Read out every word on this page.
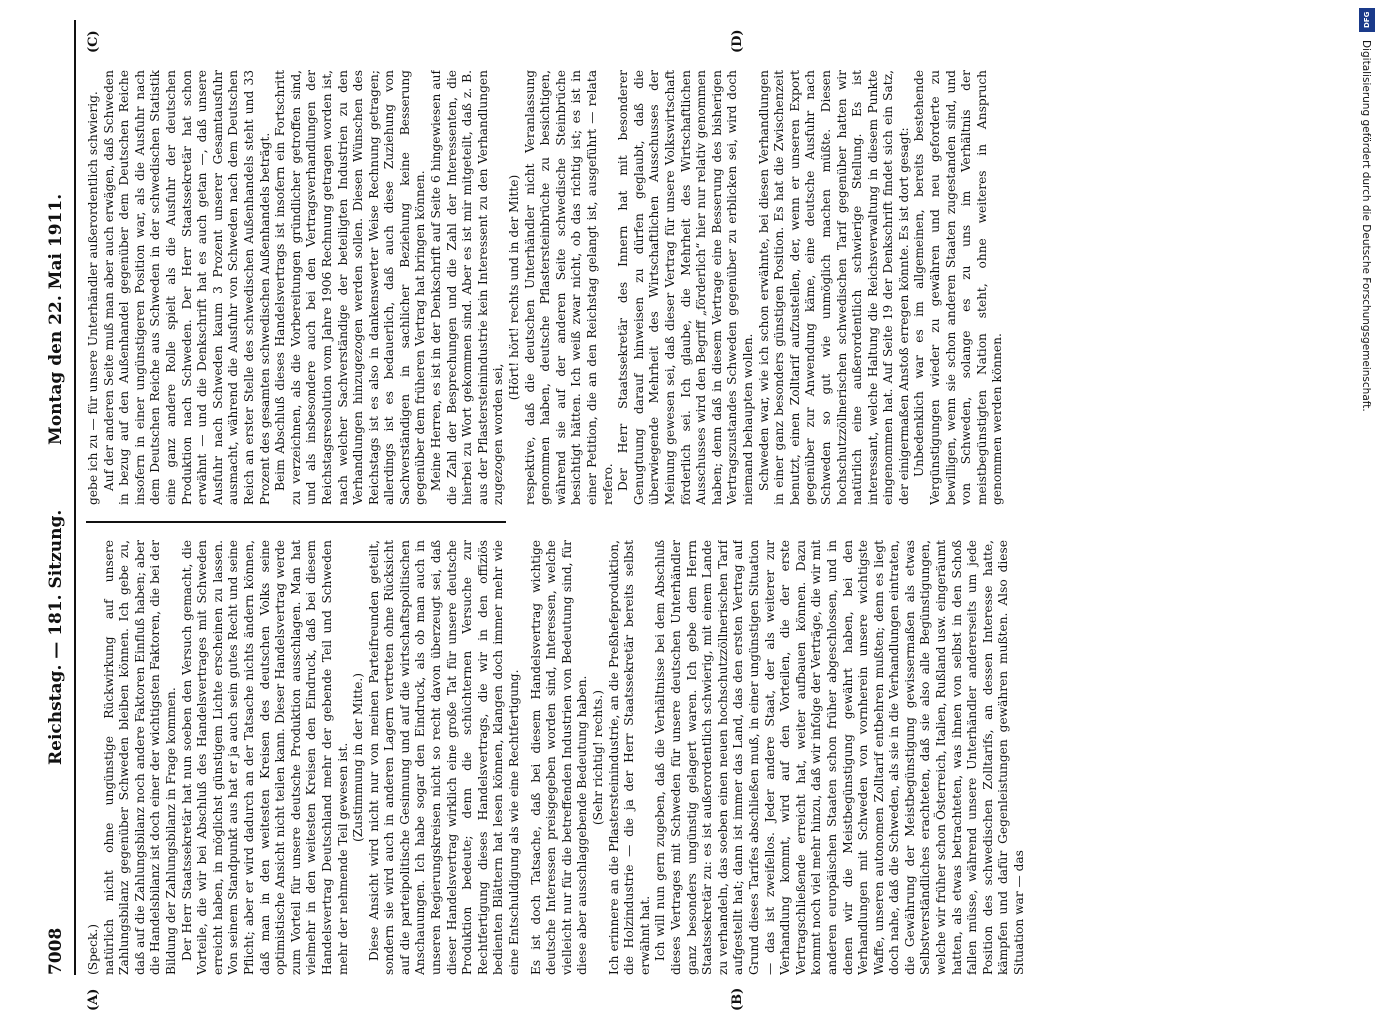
7008
Reichstag. — 181. Sitzung.
Montag den 22. Mai 1911.
(A)	(B)
(C)	(D)

(Speck.) natürlich nicht ohne ungünstige Rückwirkung auf unsere Zahlungsbilanz gegenüber Schweden bleiben können. Ich gebe zu, daß auf die Zahlungsbilanz noch andere Faktoren Einfluß haben; aber die Handelsbilanz ist doch einer der wichtigsten Faktoren, die bei der Bildung der Zahlungsbilanz in Frage kommen. Der Herr Staatssekretär hat nun soeben den Versuch gemacht, die Vorteile, die wir bei Abschluß des Handelsvertrages mit Schweden erreicht haben, in möglichst günstigem Lichte erscheinen zu lassen. Von seinem Standpunkt aus hat er ja auch sein gutes Recht und seine Pflicht; aber er wird dadurch an der Tatsache nichts ändern können, daß man in den weitesten Kreisen des deutschen Volks seine optimistische Ansicht nicht teilen kann. Dieser Handelsvertrag werde zum Vorteil für unsere deutsche Produktion ausschlagen. Man hat vielmehr in den weitesten Kreisen den Eindruck, daß bei diesem Handelsvertrag Deutschland mehr der gebende Teil und Schweden mehr der nehmende Teil gewesen ist. (Zustimmung in der Mitte.) Diese Ansicht wird nicht nur von meinen Parteifreunden geteilt, sondern sie wird auch in anderen Lagern vertreten ohne Rücksicht auf die parteipolitische Gesinnung und auf die wirtschaftspolitischen Anschauungen. Ich habe sogar den Eindruck, als ob man auch in unseren Regierungskreisen nicht so recht davon überzeugt sei, daß dieser Handelsvertrag wirklich eine große Tat für unsere deutsche Produktion bedeute; denn die schüchternen Versuche zur Rechtfertigung dieses Handelsvertrags, die wir in den offiziös bedienten Blättern hat lesen können, klangen doch immer mehr wie eine Entschuldigung als wie eine Rechtfertigung. Es ist doch Tatsache, daß bei diesem Handelsvertrag wichtige deutsche Interessen preisgegeben worden sind, Interessen, welche vielleicht nur für die betreffenden Industrien von Bedeutung sind, für diese aber ausschlaggebende Bedeutung haben. (Sehr richtig! rechts.) Ich erinnere an die Pflastersteinindustrie, an die Preßhefeproduktion, die Holzindustrie — die ja der Herr Staatssekretär bereits selbst erwähnt hat. Ich will nun gern zugeben, daß die Verhältnisse bei dem Abschluß dieses Vertrages mit Schweden für unsere deutschen Unterhändler ganz besonders ungünstig gelagert waren. Ich gebe dem Herrn Staatssekretär zu: es ist außerordentlich schwierig, mit einem Lande zu verhandeln, das soeben einen neuen hochschutzzöllnerischen Tarif aufgestellt hat; dann ist immer das Land, das den ersten Vertrag auf Grund dieses Tarifes abschließen muß, in einer ungünstigen Situation — das ist zweifellos. Jeder andere Staat, der als weiterer zur Verhandlung kommt, wird auf den Vorteilen, die der erste Vertragschließende erreicht hat, weiter aufbauen können. Dazu kommt noch viel mehr hinzu, daß wir infolge der Verträge, die wir mit anderen europäischen Staaten schon früher abgeschlossen, und in denen wir die Meistbegünstigung gewährt haben, bei den Verhandlungen mit Schweden von vornherein unsere wichtigste Waffe, unseren autonomen Zolltarif entbehren mußten; denn es liegt doch nahe, daß die Schweden, als sie in die Verhandlungen eintraten, die Gewährung der Meistbegünstigung gewissermaßen als etwas Selbstverständliches erachteten, daß sie also alle Begünstigungen, welche wir früher schon Österreich, Italien, Rußland usw. eingeräumt hatten, als etwas betrachteten, was ihnen von selbst in den Schoß fallen müsse, während unsere Unterhändler andererseits um jede Position des schwedischen Zolltarifs, an dessen Interesse hatte, kämpfen und dafür Gegenleistungen gewähren mußten. Also diese Situation war — das

gebe ich zu — für unsere Unterhändler außerordentlich schwierig. Auf der anderen Seite muß man aber auch erwägen, daß Schweden in bezug auf den Außenhandel gegenüber dem Deutschen Reiche insofern in einer ungünstigeren Position war, als die Ausfuhr nach dem Deutschen Reiche aus Schweden in der schwedischen Statistik eine ganz andere Rolle spielt als die Ausfuhr der deutschen Produktion nach Schweden. Der Herr Staatssekretär hat schon erwähnt — und die Denkschrift hat es auch getan —, daß unsere Ausfuhr nach Schweden kaum 3 Prozent unserer Gesamtausfuhr ausmacht, während die Ausfuhr von Schweden nach dem Deutschen Reich an erster Stelle des schwedischen Außenhandels steht und 33 Prozent des gesamten schwedischen Außenhandels beträgt. Beim Abschluß dieses Handelsvertrags ist insofern ein Fortschritt zu verzeichnen, als die Vorbereitungen gründlicher getroffen sind, und als insbesondere auch bei den Vertragsverhandlungen der Reichstagsresolution vom Jahre 1906 Rechnung getragen worden ist, nach welcher Sachverständige der beteiligten Industrien zu den Verhandlungen hinzugezogen werden sollen. Diesen Wünschen des Reichstags ist es also in dankenswerter Weise Rechnung getragen; allerdings ist es bedauerlich, daß auch diese Zuziehung von Sachverständigen in sachlicher Beziehung keine Besserung gegenüber dem früheren Vertrag hat bringen können. Meine Herren, es ist in der Denkschrift auf Seite 6 hingewiesen auf die Zahl der Besprechungen und die Zahl der Interessenten, die hierbei zu Wort gekommen sind. Aber es ist mir mitgeteilt, daß z. B. aus der Pflastersteinindustrie kein Interessent zu den Verhandlungen zugezogen worden sei,

(Hört! hört! rechts und in der Mitte) respektive, daß die deutschen Unterhändler nicht Veranlassung genommen haben, deutsche Pflastersteinbrüche zu besichtigen, während sie auf der anderen Seite schwedische Steinbrüche besichtigt hätten. Ich weiß zwar nicht, ob das richtig ist; es ist in einer Petition, die an den Reichstag gelangt ist, ausgeführt — relata refero. Der Herr Staatssekretär des Innern hat mit besonderer Genugtuung darauf hinweisen zu dürfen geglaubt, daß die überwiegende Mehrheit des Wirtschaftlichen Ausschusses der Meinung gewesen sei, daß dieser Vertrag für unsere Volkswirtschaft förderlich sei. Ich glaube, die Mehrheit des Wirtschaftlichen Ausschusses wird den Begriff „förderlich“ hier nur relativ genommen haben; denn daß in diesem Vertrage eine Besserung des bisherigen Vertragszustandes Schweden gegenüber zu erblicken sei, wird doch niemand behaupten wollen. Schweden war, wie ich schon erwähnte, bei diesen Verhandlungen in einer ganz besonders günstigen Position. Es hat die Zwischenzeit benutzt, einen Zolltarif aufzustellen, der, wenn er unseren Export gegenüber zur Anwendung käme, eine deutsche Ausfuhr nach Schweden so gut wie unmöglich machen müßte. Diesen hochschutzzöllnerischen schwedischen Tarif gegenüber hatten wir natürlich eine außerordentlich schwierige Stellung. Es ist interessant, welche Haltung die Reichsverwaltung in diesem Punkte eingenommen hat. Auf Seite 19 der Denkschrift findet sich ein Satz, der einigermaßen Anstoß erregen könnte. Es ist dort gesagt: Unbedenklich war es im allgemeinen, bereits bestehende Vergünstigungen wieder zu gewähren und neu geforderte zu bewilligen, wenn sie schon anderen Staaten zugestanden sind, und von Schweden, solange es zu uns im Verhältnis der meistbegünstigten Nation steht, ohne weiteres in Anspruch genommen werden können.

DFG
Digitalisierung gefördert durch die Deutsche Forschungsgemeinschaft.
